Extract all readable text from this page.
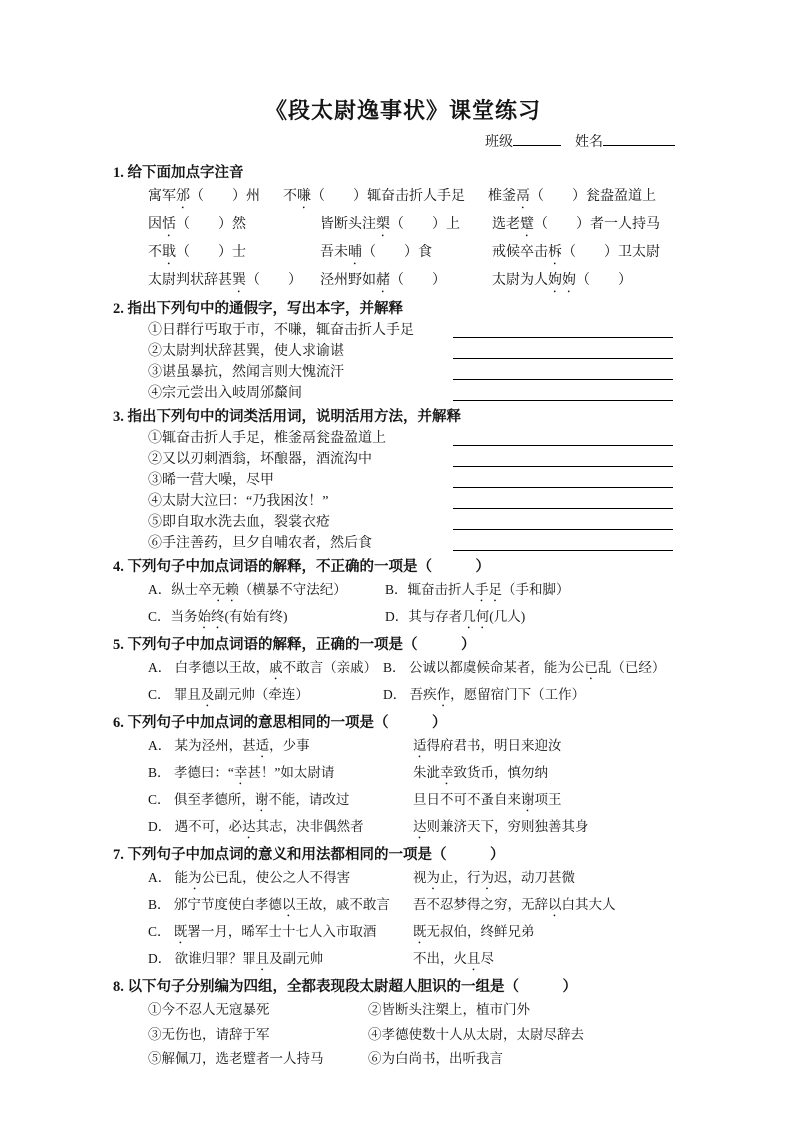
《段太尉逸事状》课堂练习
班级	姓名
1. 给下面加点字注音
寓军邠（　　）州	不嗛（　　）辄奋击折人手足	椎釜鬲（　　）瓮盎盈道上
因恬（　　）然	皆断头注槊（　　）上	选老躄（　　）者一人持马
不戢（　　）士	吾未晡（　　）食	戒候卒击柝（　　）卫太尉
太尉判状辞甚巽（　　）	泾州野如赭（　　）	太尉为人姁姁（　　）
2. 指出下列句中的通假字，写出本字，并解释
①日群行丐取于市，不嗛，辄奋击折人手足
②太尉判状辞甚巽，使人求谕谌
③谌虽暴抗，然闻言则大愧流汗
④宗元尝出入岐周邠斄间
3. 指出下列句中的词类活用词，说明活用方法，并解释
①辄奋击折人手足，椎釜鬲瓮盎盈道上
②又以刃刺酒翁，坏酿器，酒流沟中
③晞一营大噪，尽甲
④太尉大泣曰：“乃我困汝！”
⑤即自取水洗去血，裂裳衣疮
⑥手注善药，旦夕自哺农者，然后食
4. 下列句子中加点词语的解释，不正确的一项是（　　　）
A．纵士卒无赖（横暴不守法纪）	B．辄奋击折人手足（手和脚）
C．当务始终(有始有终)	D．其与存者几何(几人)
5. 下列句子中加点词语的解释，正确的一项是（　　　）
A． 白孝德以王故，戚不敢言（亲戚） B． 公诚以都虞候命某者，能为公已乱（已经）
C． 罪且及副元帅（牵连）	D． 吾疾作，愿留宿门下（工作）
6. 下列句子中加点词的意思相同的一项是（　　　）
A． 某为泾州，甚适，少事	适得府君书，明日来迎汝
B． 孝德曰：“幸甚！”如太尉请	朱泚幸致货币，慎勿纳
C． 俱至孝德所，谢不能，请改过	旦日不可不蚤自来谢项王
D． 遇不可，必达其志，决非偶然者	达则兼济天下，穷则独善其身
7. 下列句子中加点词的意义和用法都相同的一项是（　　　）
A． 能为公已乱，使公之人不得害	视为止，行为迟，动刀甚微
B． 邠宁节度使白孝德以王故，戚不敢言	吾不忍梦得之穷，无辞以白其大人
C． 既署一月，晞军士十七人入市取酒	既无叔伯，终鲜兄弟
D． 欲谁归罪？罪且及副元帅	不出，火且尽
8. 以下句子分别编为四组，全都表现段太尉超人胆识的一组是（　　　）
①今不忍人无寇暴死	②皆断头注槊上，植市门外
③无伤也，请辞于军	④孝德使数十人从太尉，太尉尽辞去
⑤解佩刀，选老躄者一人持马	⑥为白尚书，出听我言
